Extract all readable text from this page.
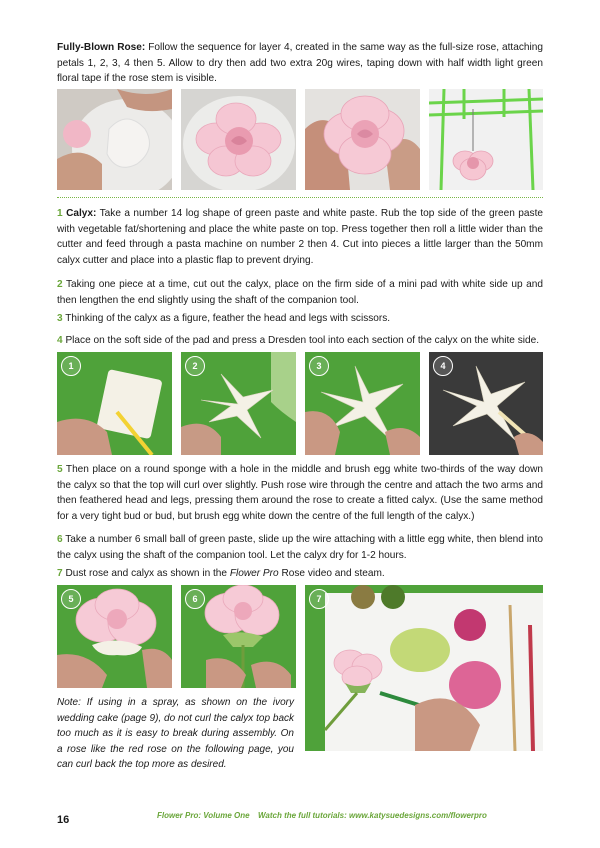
Fully-Blown Rose: Follow the sequence for layer 4, created in the same way as the full-size rose, attaching petals 1, 2, 3, 4 then 5. Allow to dry then add two extra 20g wires, taping down with half width light green floral tape if the rose stem is visible.

1 Calyx: Take a number 14 log shape of green paste and white paste. Rub the top side of the green paste with vegetable fat/shortening and place the white paste on top. Press together then roll a little wider than the cutter and feed through a pasta machine on number 2 then 4. Cut into pieces a little larger than the 50mm calyx cutter and place into a plastic flap to prevent drying.

2 Taking one piece at a time, cut out the calyx, place on the firm side of a mini pad with white side up and then lengthen the end slightly using the shaft of the companion tool.

3 Thinking of the calyx as a figure, feather the head and legs with scissors.

4 Place on the soft side of the pad and press a Dresden tool into each section of the calyx on the white side.

1	2	3	4

5 Then place on a round sponge with a hole in the middle and brush egg white two-thirds of the way down the calyx so that the top will curl over slightly. Push rose wire through the centre and attach the two arms and then feathered head and legs, pressing them around the rose to create a fitted calyx. (Use the same method for a very tight bud or bud, but brush egg white down the centre of the full length of the calyx.)

6 Take a number 6 small ball of green paste, slide up the wire attaching with a little egg white, then blend into the calyx using the shaft of the companion tool. Let the calyx dry for 1-2 hours.

7 Dust rose and calyx as shown in the Flower Pro Rose video and steam.

5	6	7

Note: If using in a spray, as shown on the ivory wedding cake (page 9), do not curl the calyx top back too much as it is easy to break during assembly. On a rose like the red rose on the following page, you can curl back the top more as desired.

16	Flower Pro: Volume One Watch the full tutorials: www.katysuedesigns.com/flowerpro
